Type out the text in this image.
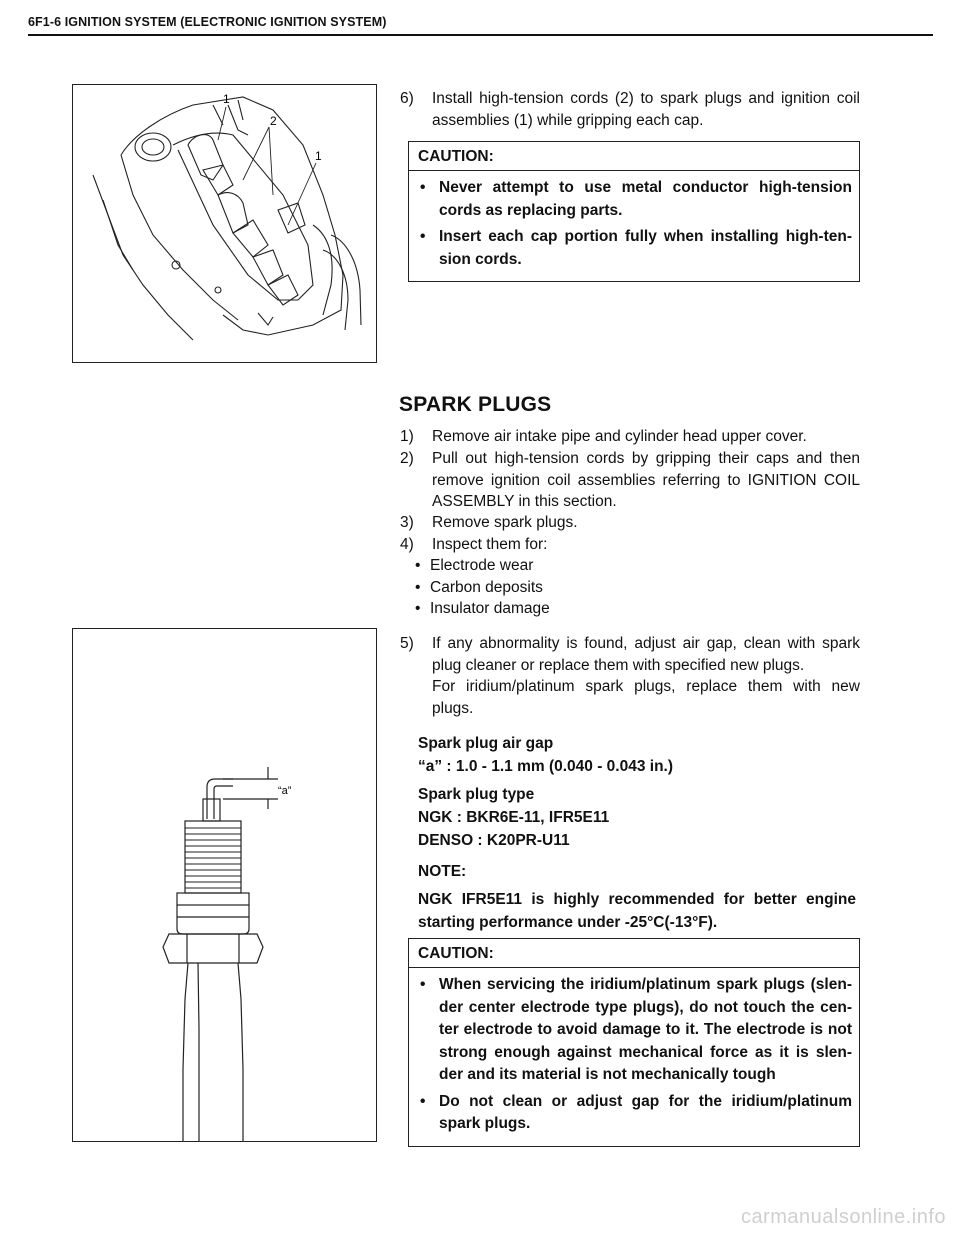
6F1-6 IGNITION SYSTEM (ELECTRONIC IGNITION SYSTEM)
1
2
1
6)	Install high-tension cords (2) to spark plugs and ignition coil assemblies (1) while gripping each cap.
CAUTION:
• Never attempt to use metal conductor high-tension cords as replacing parts.
• Insert each cap portion fully when installing high-ten-sion cords.
SPARK PLUGS
1)	Remove air intake pipe and cylinder head upper cover.
2)	Pull out high-tension cords by gripping their caps and then remove ignition coil assemblies referring to IGNITION COIL ASSEMBLY in this section.
3)	Remove spark plugs.
4)	Inspect them for:
• Electrode wear
• Carbon deposits
• Insulator damage
“a”
5)	If any abnormality is found, adjust air gap, clean with spark plug cleaner or replace them with specified new plugs.
For iridium/platinum spark plugs, replace them with new plugs.
Spark plug air gap
“a” : 1.0 - 1.1 mm (0.040 - 0.043 in.)
Spark plug type
NGK : BKR6E-11, IFR5E11
DENSO : K20PR-U11
NOTE:
NGK IFR5E11 is highly recommended for better engine starting performance under -25°C(-13°F).
CAUTION:
• When servicing the iridium/platinum spark plugs (slen-der center electrode type plugs), do not touch the cen-ter electrode to avoid damage to it. The electrode is not strong enough against mechanical force as it is slen-der and its material is not mechanically tough
• Do not clean or adjust gap for the iridium/platinum spark plugs.
carmanualsonline.info
